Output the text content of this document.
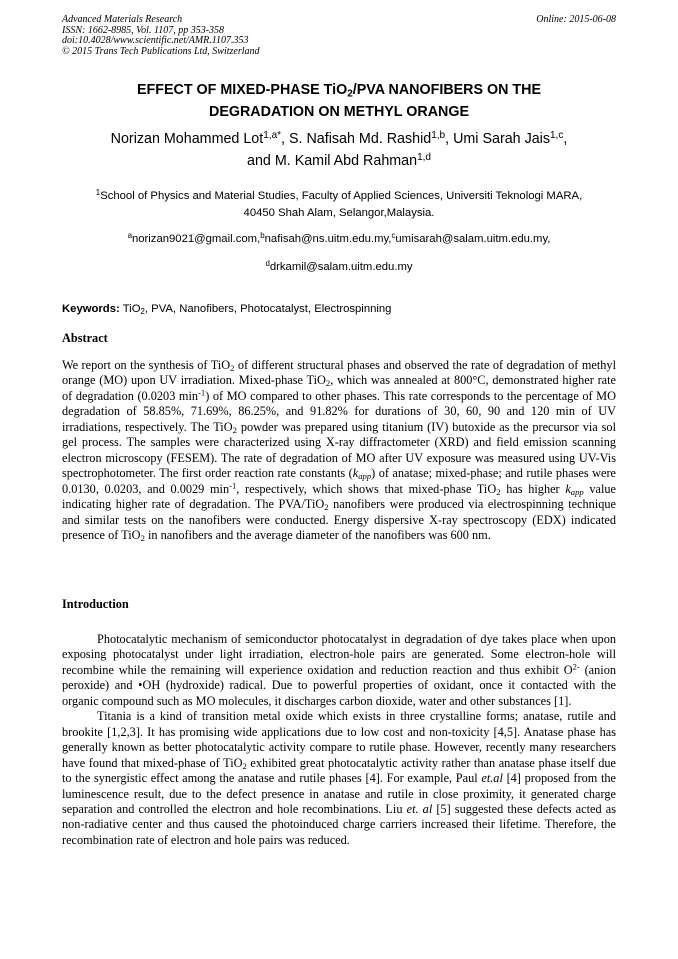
Advanced Materials Research
ISSN: 1662-8985, Vol. 1107, pp 353-358
doi:10.4028/www.scientific.net/AMR.1107.353
© 2015 Trans Tech Publications Ltd, Switzerland
Online: 2015-06-08
EFFECT OF MIXED-PHASE TiO$_2$/PVA NANOFIBERS ON THE
DEGRADATION ON METHYL ORANGE
Norizan Mohammed Lot$^{1,a*}$, S. Nafisah Md. Rashid$^{1,b}$, Umi Sarah Jais$^{1,c}$,
and M. Kamil Abd Rahman$^{1,d}$
$^1$School of Physics and Material Studies, Faculty of Applied Sciences, Universiti Teknologi MARA,
40450 Shah Alam, Selangor,Malaysia.
$^a$norizan9021@gmail.com,$^b$nafisah@ns.uitm.edu.my,$^c$umisarah@salam.uitm.edu.my,
$^d$drkamil@salam.uitm.edu.my
Keywords: TiO$_2$, PVA, Nanofibers, Photocatalyst, Electrospinning
Abstract

We report on the synthesis of TiO$_2$ of different structural phases and observed the rate of degradation of methyl orange (MO) upon UV irradiation. Mixed-phase TiO$_2$, which was annealed at 800°C, demonstrated higher rate of degradation (0.0203 $\min^{-1}$) of MO compared to other phases. This rate corresponds to the percentage of MO degradation of 58.85%, 71.69%, 86.25%, and 91.82% for durations of 30, 60, 90 and 120 min of UV irradiations, respectively. The TiO$_2$ powder was prepared using titanium (IV) butoxide as the precursor via sol gel process. The samples were characterized using X-ray diffractometer (XRD) and field emission scanning electron microscopy (FESEM). The rate of degradation of MO after UV exposure was measured using UV-Vis spectrophotometer. The first order reaction rate constants $(k_{app})$ of anatase; mixed-phase; and rutile phases were 0.0130, 0.0203, and 0.0029 $\min^{-1}$, respectively, which shows that mixed-phase TiO$_2$ has higher $k_{app}$ value indicating higher rate of degradation. The PVA/TiO$_2$ nanofibers were produced via electrospinning technique and similar tests on the nanofibers were conducted. Energy dispersive X-ray spectroscopy (EDX) indicated presence of TiO$_2$ in nanofibers and the average diameter of the nanofibers was 600 nm.

Introduction

Photocatalytic mechanism of semiconductor photocatalyst in degradation of dye takes place when upon exposing photocatalyst under light irradiation, electron-hole pairs are generated. Some electron-hole will recombine while the remaining will experience oxidation and reduction reaction and thus exhibit $O^{2-}$ (anion peroxide) and •OH (hydroxide) radical. Due to powerful properties of oxidant, once it contacted with the organic compound such as MO molecules, it discharges carbon dioxide, water and other substances [1].

Titania is a kind of transition metal oxide which exists in three crystalline forms; anatase, rutile and brookite [1,2,3]. It has promising wide applications due to low cost and non-toxicity [4,5]. Anatase phase has generally known as better photocatalytic activity compare to rutile phase. However, recently many researchers have found that mixed-phase of TiO$_2$ exhibited great photocatalytic activity rather than anatase phase itself due to the synergistic effect among the anatase and rutile phases [4]. For example, Paul et.al [4] proposed from the luminescence result, due to the defect presence in anatase and rutile in close proximity, it generated charge separation and controlled the electron and hole recombinations. Liu et. al [5] suggested these defects acted as non-radiative center and thus caused the photoinduced charge carriers increased their lifetime. Therefore, the recombination rate of electron and hole pairs was reduced.
